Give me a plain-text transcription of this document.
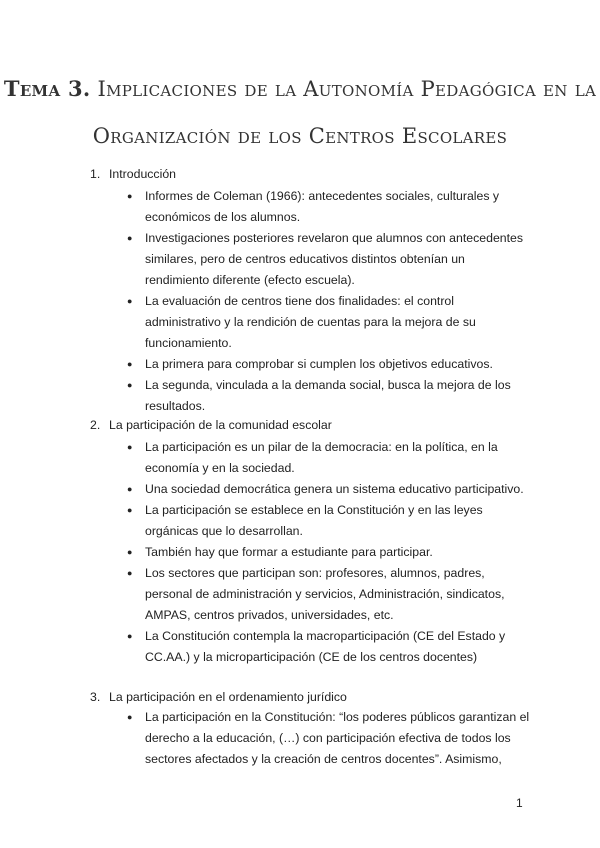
Tema 3. Implicaciones de la Autonomía Pedagógica en la
Organización de los Centros Escolares
1. Introducción
● Informes de Coleman (1966): antecedentes sociales, culturales y económicos de los alumnos.
● Investigaciones posteriores revelaron que alumnos con antecedentes similares, pero de centros educativos distintos obtenían un rendimiento diferente (efecto escuela).
● La evaluación de centros tiene dos finalidades: el control administrativo y la rendición de cuentas para la mejora de su funcionamiento.
● La primera para comprobar si cumplen los objetivos educativos.
● La segunda, vinculada a la demanda social, busca la mejora de los resultados.
2. La participación de la comunidad escolar
● La participación es un pilar de la democracia: en la política, en la economía y en la sociedad.
● Una sociedad democrática genera un sistema educativo participativo.
● La participación se establece en la Constitución y en las leyes orgánicas que lo desarrollan.
● También hay que formar a estudiante para participar.
● Los sectores que participan son: profesores, alumnos, padres, personal de administración y servicios, Administración, sindicatos, AMPAS, centros privados, universidades, etc.
● La Constitución contempla la macroparticipación (CE del Estado y CC.AA.) y la microparticipación (CE de los centros docentes)
3. La participación en el ordenamiento jurídico
● La participación en la Constitución: “los poderes públicos garantizan el derecho a la educación, (…) con participación efectiva de todos los sectores afectados y la creación de centros docentes”. Asimismo,
1
